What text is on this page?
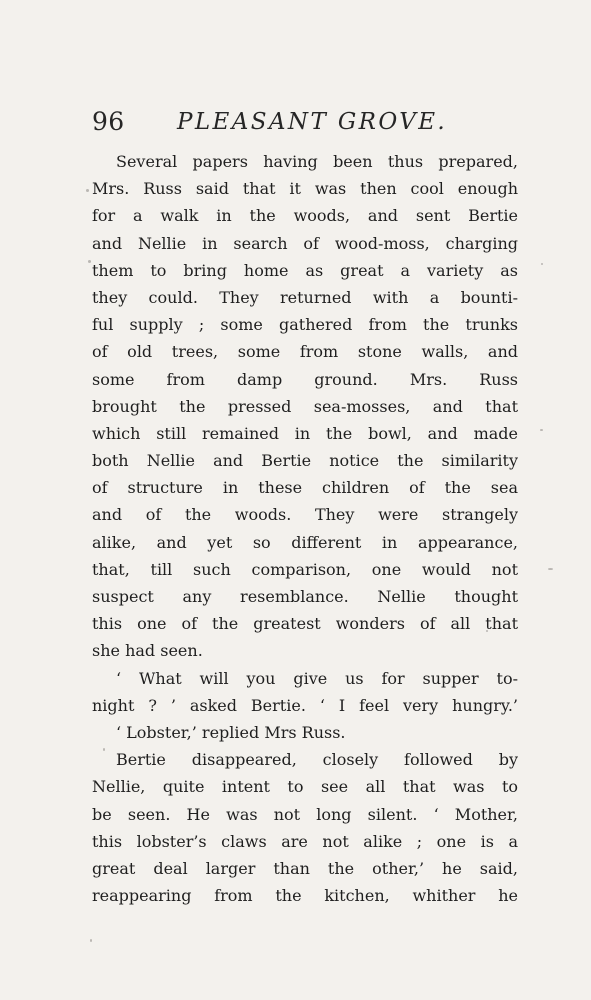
96 PLEASANT GROVE.
Several papers having been thus prepared,
Mrs. Russ said that it was then cool enough
for a walk in the woods, and sent Bertie
and Nellie in search of wood-moss, charging
them to bring home as great a variety as
they could. They returned with a bounti-
ful supply ; some gathered from the trunks
of old trees, some from stone walls, and
some from damp ground. Mrs. Russ
brought the pressed sea-mosses, and that
which still remained in the bowl, and made
both Nellie and Bertie notice the similarity
of structure in these children of the sea
and of the woods. They were strangely
alike, and yet so different in appearance,
that, till such comparison, one would not
suspect any resemblance. Nellie thought
this one of the greatest wonders of all that
she had seen.
‘ What will you give us for supper to-
night ? ’ asked Bertie. ‘ I feel very hungry.’
‘ Lobster,’ replied Mrs Russ.
Bertie disappeared, closely followed by
Nellie, quite intent to see all that was to
be seen. He was not long silent. ‘ Mother,
this lobster’s claws are not alike ; one is a
great deal larger than the other,’ he said,
reappearing from the kitchen, whither he
